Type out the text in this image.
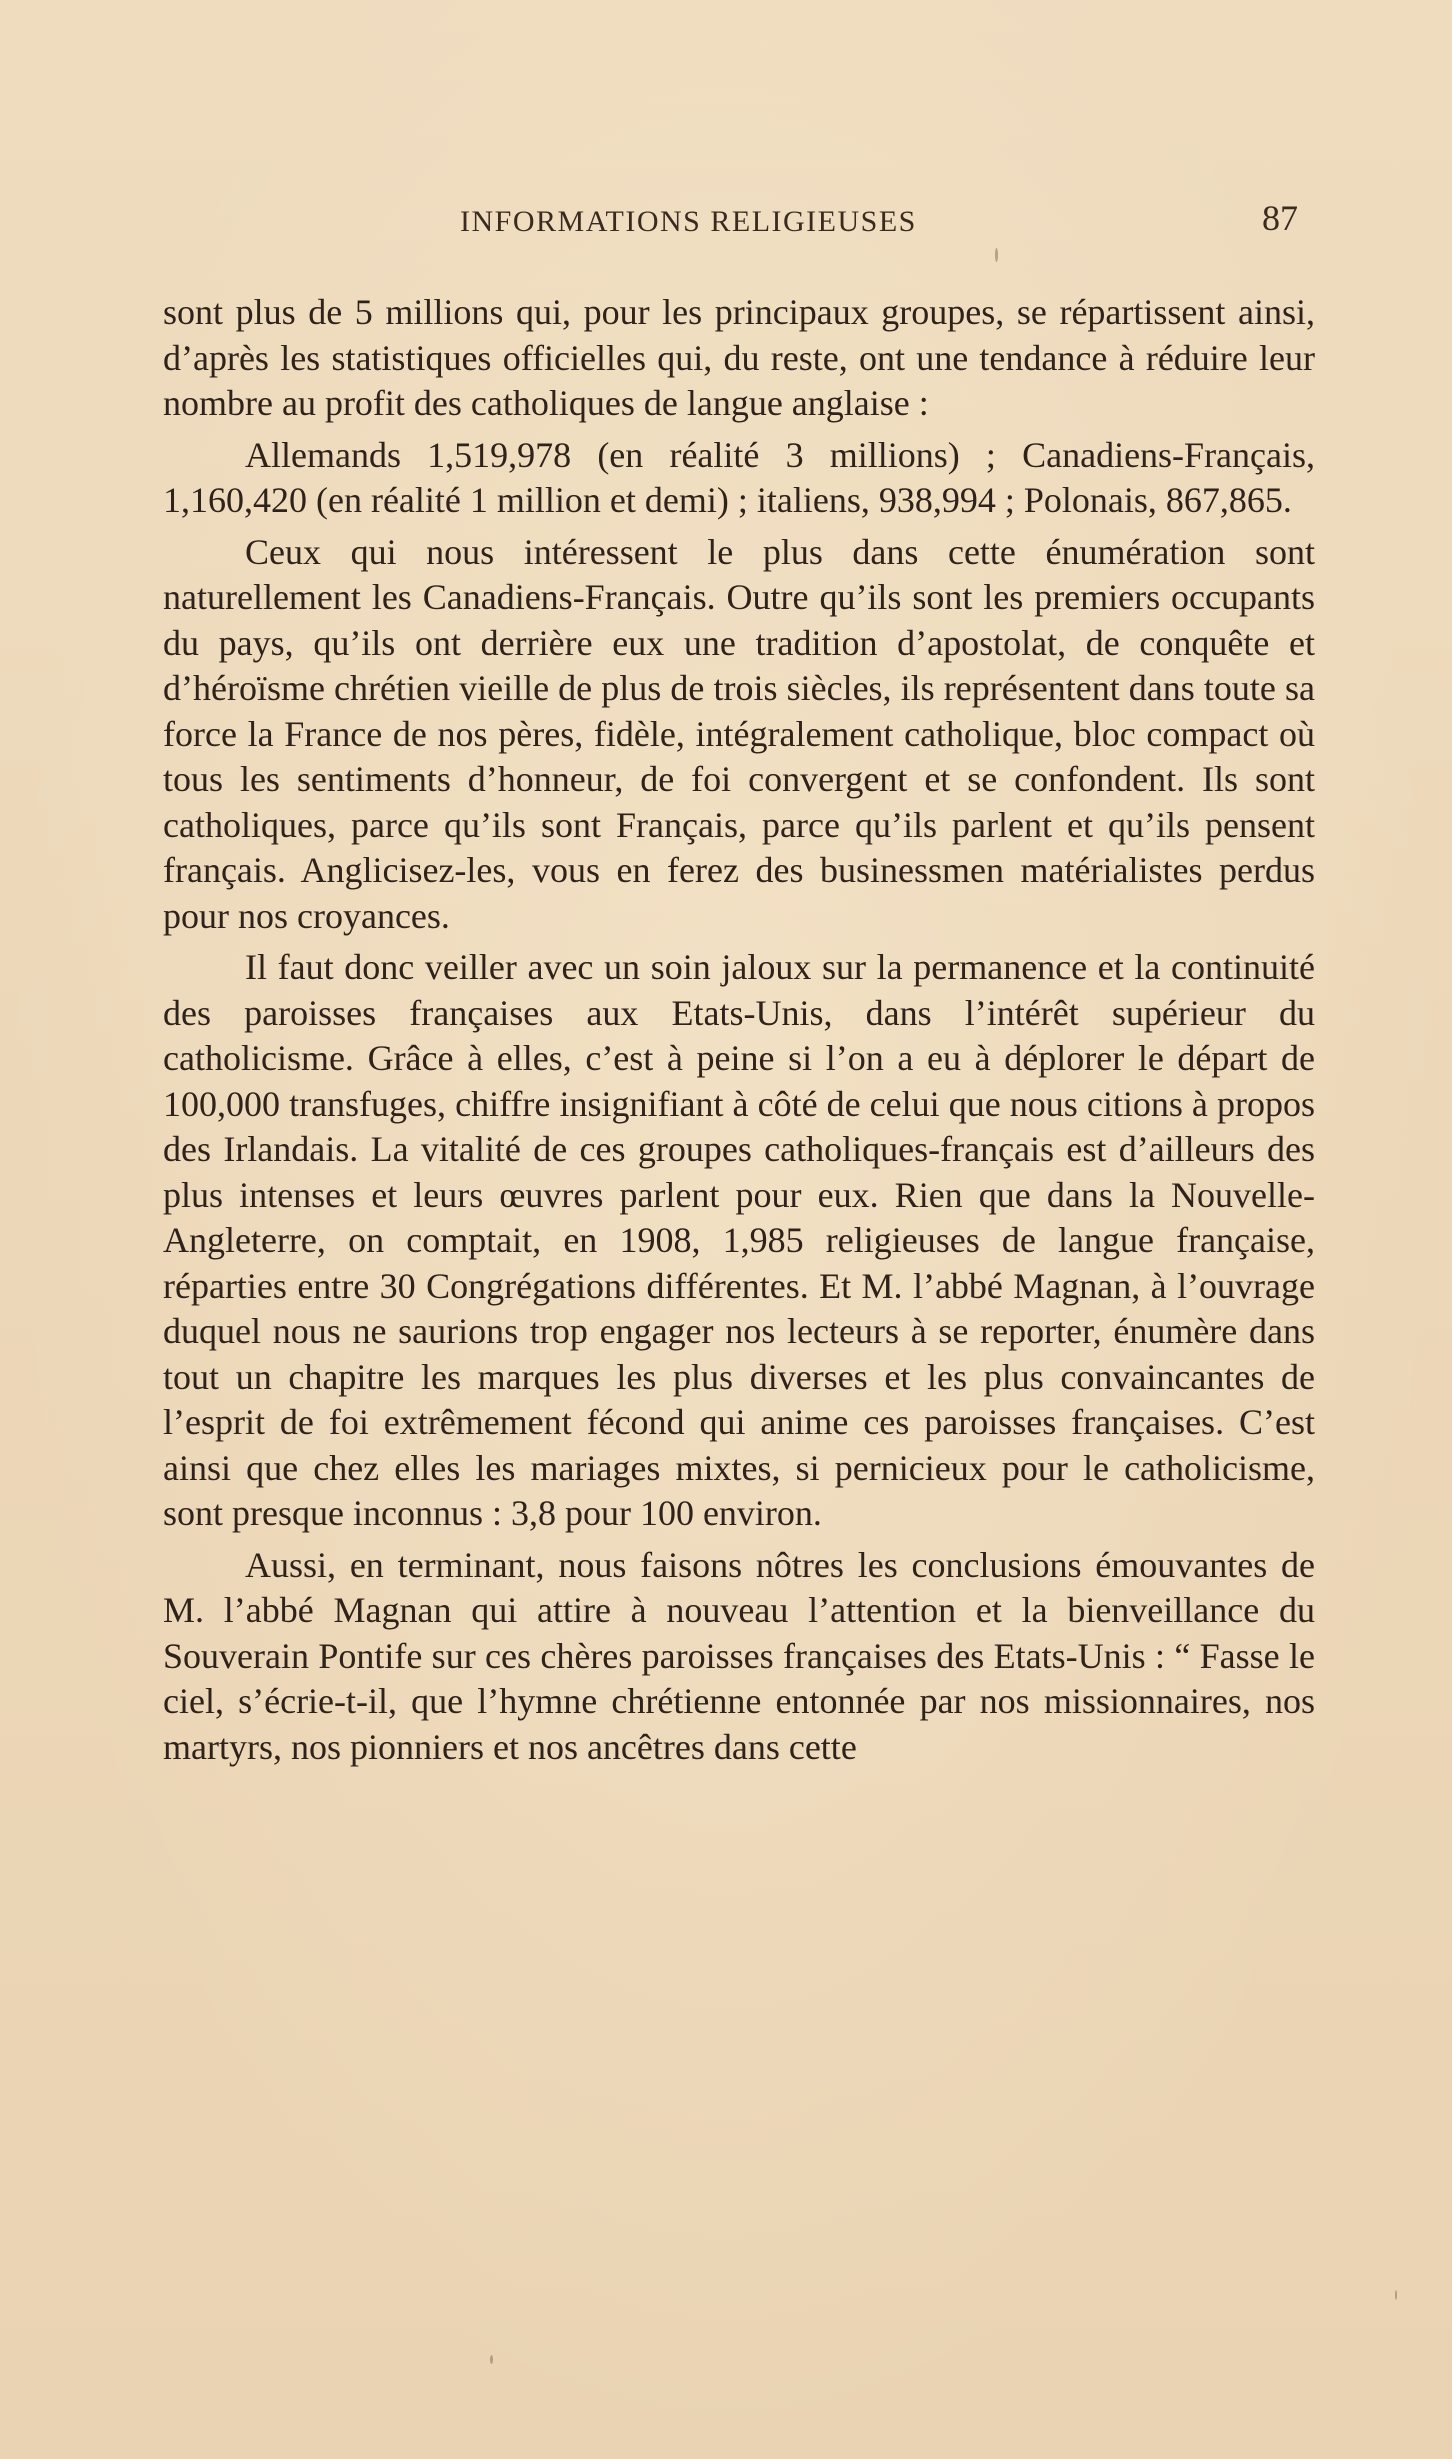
INFORMATIONS RELIGIEUSES	87

sont plus de 5 millions qui, pour les principaux groupes, se répartissent ainsi, d’après les statistiques officielles qui, du reste, ont une tendance à réduire leur nombre au profit des catholiques de langue anglaise :

Allemands 1,519,978 (en réalité 3 millions) ; Canadiens-Français, 1,160,420 (en réalité 1 million et demi) ; italiens, 938,994 ; Polonais, 867,865.

Ceux qui nous intéressent le plus dans cette énumération sont naturellement les Canadiens-Français. Outre qu’ils sont les premiers occupants du pays, qu’ils ont derrière eux une tradition d’apostolat, de conquête et d’héroïsme chrétien vieille de plus de trois siècles, ils représentent dans toute sa force la France de nos pères, fidèle, intégralement catholique, bloc compact où tous les sentiments d’honneur, de foi convergent et se confondent. Ils sont catholiques, parce qu’ils sont Français, parce qu’ils parlent et qu’ils pensent français. Anglicisez-les, vous en ferez des businessmen matérialistes perdus pour nos croyances.

Il faut donc veiller avec un soin jaloux sur la permanence et la continuité des paroisses françaises aux Etats-Unis, dans l’intérêt supérieur du catholicisme. Grâce à elles, c’est à peine si l’on a eu à déplorer le départ de 100,000 transfuges, chiffre insignifiant à côté de celui que nous citions à propos des Irlandais. La vitalité de ces groupes catholiques-français est d’ailleurs des plus intenses et leurs œuvres parlent pour eux. Rien que dans la Nouvelle-Angleterre, on comptait, en 1908, 1,985 religieuses de langue française, réparties entre 30 Congrégations différentes. Et M. l’abbé Magnan, à l’ouvrage duquel nous ne saurions trop engager nos lecteurs à se reporter, énumère dans tout un chapitre les marques les plus diverses et les plus convaincantes de l’esprit de foi extrêmement fécond qui anime ces paroisses françaises. C’est ainsi que chez elles les mariages mixtes, si pernicieux pour le catholicisme, sont presque inconnus : 3,8 pour 100 environ.

Aussi, en terminant, nous faisons nôtres les conclusions émouvantes de M. l’abbé Magnan qui attire à nouveau l’attention et la bienveillance du Souverain Pontife sur ces chères paroisses françaises des Etats-Unis : “ Fasse le ciel, s’écrie-t-il, que l’hymne chrétienne entonnée par nos missionnaires, nos martyrs, nos pionniers et nos ancêtres dans cette
